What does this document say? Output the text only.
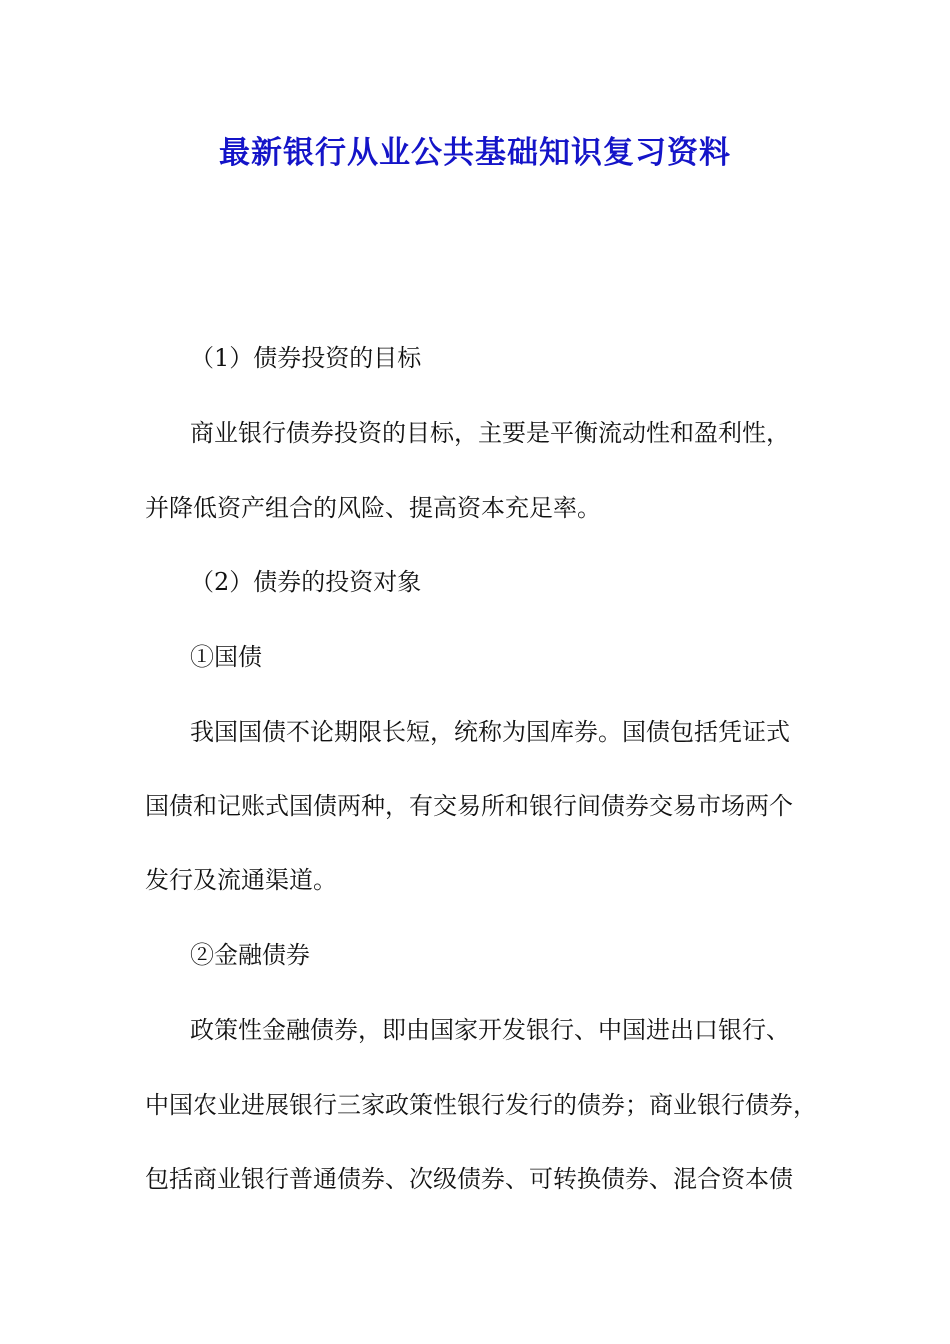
最新银行从业公共基础知识复习资料

（1）债券投资的目标

商业银行债券投资的目标，主要是平衡流动性和盈利性，

并降低资产组合的风险、提高资本充足率。

（2）债券的投资对象

①国债

我国国债不论期限长短，统称为国库券。国债包括凭证式

国债和记账式国债两种，有交易所和银行间债券交易市场两个

发行及流通渠道。

②金融债券

政策性金融债券，即由国家开发银行、中国进出口银行、

中国农业进展银行三家政策性银行发行的债券；商业银行债券，

包括商业银行普通债券、次级债券、可转换债券、混合资本债
